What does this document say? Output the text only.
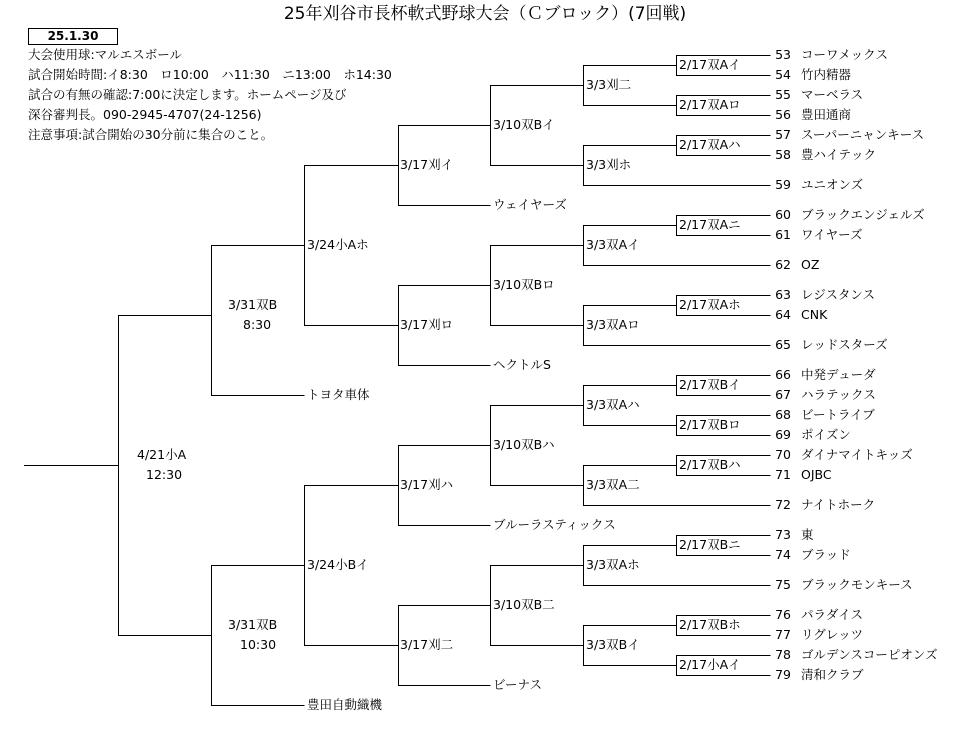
25年刈谷市長杯軟式野球大会（Ｃブロック）(7回戦)
25.1.30
大会使用球:マルエスボール
試合開始時間:イ8:30　ロ10:00　ハ11:30　ニ13:00　ホ14:30
試合の有無の確認:7:00に決定します。ホームページ及び
深谷審判長。090-2945-4707(24-1256)
注意事項:試合開始の30分前に集合のこと。
53 コーワメックス
54 竹内精器
55 マーベラス
56 豊田通商
57 スーパーニャンキース
58 豊ハイテック
59 ユニオンズ
60 ブラックエンジェルズ
61 ワイヤーズ
62 OZ
63 レジスタンス
64 CNK
65 レッドスターズ
66 中発デューダ
67 ハラテックス
68 ビートライブ
69 ポイズン
70 ダイナマイトキッズ
71 OJBC
72 ナイトホーク
73 東
74 ブラッド
75 ブラックモンキース
76 パラダイス
77 リグレッツ
78 ゴルデンスコーピオンズ
79 清和クラブ
ウェイヤーズ
ヘクトルS
トヨタ車体
ブルーラスティックス
ビーナス
豊田自動織機
2/17双Aイ
2/17双Aロ
2/17双Aハ
2/17双Aニ
2/17双Aホ
2/17双Bイ
2/17双Bロ
2/17双Bハ
2/17双Bニ
2/17双Bホ
2/17小Aイ
3/3刈二
3/3刈ホ
3/3双Aイ
3/3双Aロ
3/3双Aハ
3/3双A二
3/3双Aホ
3/3双Bイ
3/10双Bイ
3/10双Bロ
3/10双Bハ
3/10双B二
3/17刈イ
3/17刈ロ
3/17刈ハ
3/17刈二
3/24小Aホ
3/24小Bイ
3/31双B
8:30
3/31双B
10:30
4/21小A
12:30
